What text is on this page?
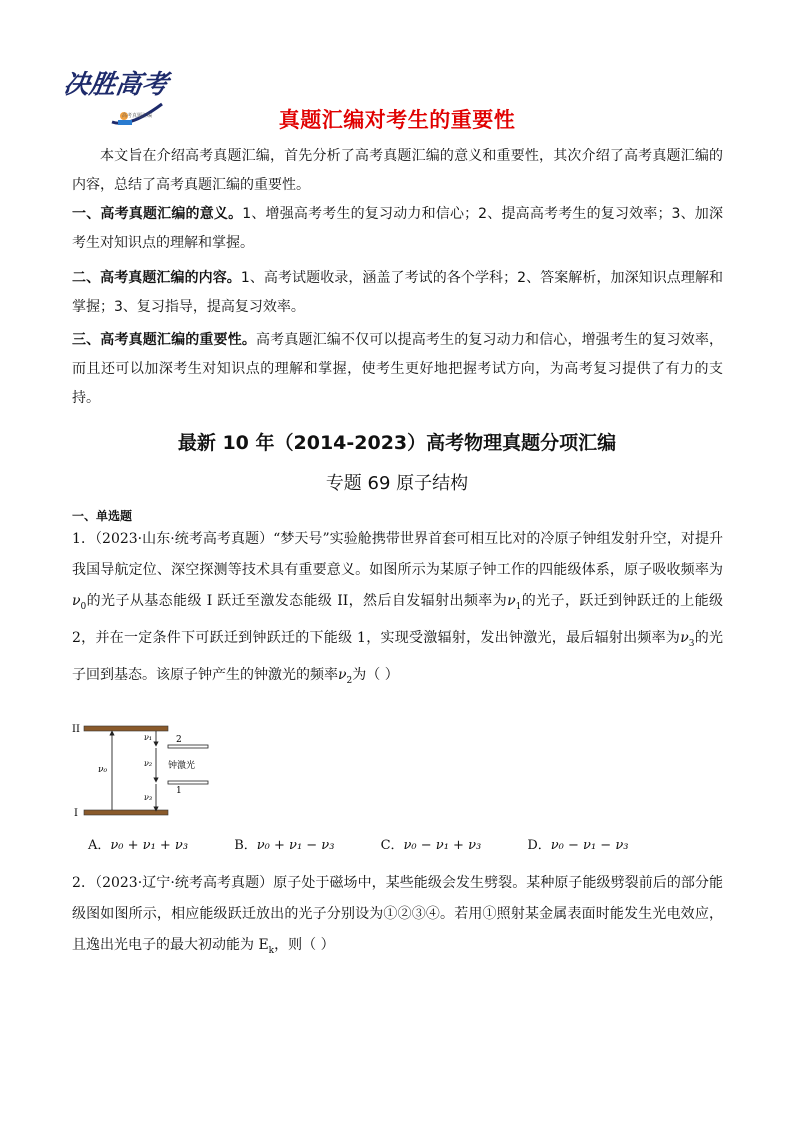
决胜高考
高考真题汇编	真题汇编对考生的重要性
本文旨在介绍高考真题汇编，首先分析了高考真题汇编的意义和重要性，其次介绍了高考真题汇编的内容，总结了高考真题汇编的重要性。
一、高考真题汇编的意义。1、增强高考考生的复习动力和信心；2、提高高考考生的复习效率；3、加深考生对知识点的理解和掌握。
二、高考真题汇编的内容。1、高考试题收录，涵盖了考试的各个学科；2、答案解析，加深知识点理解和掌握；3、复习指导，提高复习效率。
三、高考真题汇编的重要性。高考真题汇编不仅可以提高考生的复习动力和信心，增强考生的复习效率，而且还可以加深考生对知识点的理解和掌握，使考生更好地把握考试方向，为高考复习提供了有力的支持。
最新 10 年（2014-2023）高考物理真题分项汇编
专题 69 原子结构
一、单选题
1．（2023·山东·统考高考真题）“梦天号”实验舱携带世界首套可相互比对的冷原子钟组发射升空，对提升我国导航定位、深空探测等技术具有重要意义。如图所示为某原子钟工作的四能级体系，原子吸收频率为$\nu_0$的光子从基态能级 I 跃迁至激发态能级 II，然后自发辐射出频率为$\nu_1$的光子，跃迁到钟跃迁的上能级 2，并在一定条件下可跃迁到钟跃迁的下能级 1，实现受激辐射，发出钟激光，最后辐射出频率为$\nu_3$的光子回到基态。该原子钟产生的钟激光的频率$\nu_2$为（ ）
II
I
2
1
ν₀
ν₁
ν₂ 钟激光
ν₃
A．ν₀ + ν₁ + ν₃	B．ν₀ + ν₁ − ν₃	C．ν₀ − ν₁ + ν₃	D．ν₀ − ν₁ − ν₃
2．（2023·辽宁·统考高考真题）原子处于磁场中，某些能级会发生劈裂。某种原子能级劈裂前后的部分能级图如图所示，相应能级跃迁放出的光子分别设为①②③④。若用①照射某金属表面时能发生光电效应，且逸出光电子的最大初动能为 $E_k$，则（ ）
